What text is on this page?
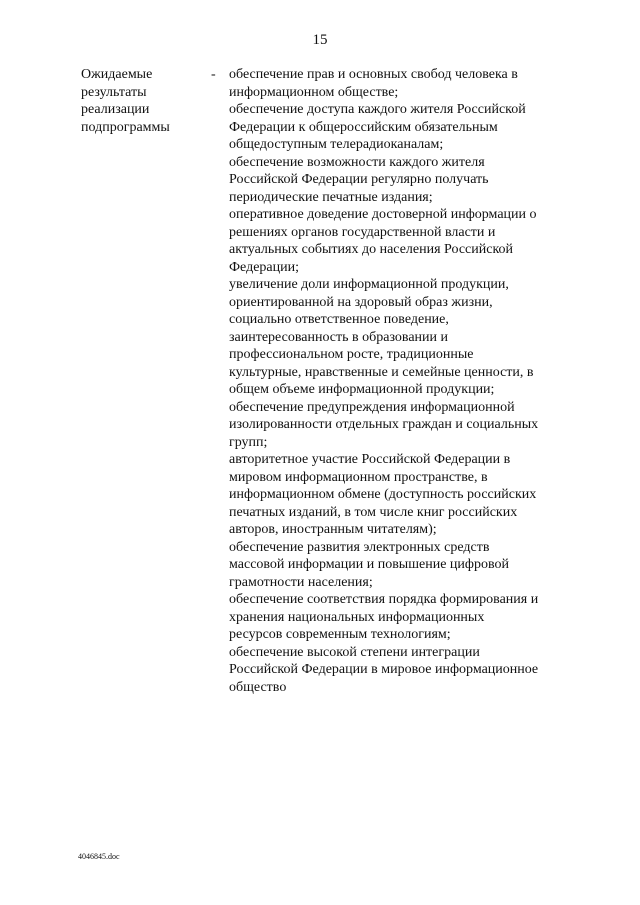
15
Ожидаемые
результаты
реализации
подпрограммы
- обеспечение прав и основных свобод человека в
информационном обществе;
обеспечение доступа каждого жителя Российской
Федерации к общероссийским обязательным
общедоступным телерадиоканалам;
обеспечение возможности каждого жителя
Российской Федерации регулярно получать
периодические печатные издания;
оперативное доведение достоверной информации о
решениях органов государственной власти и
актуальных событиях до населения Российской
Федерации;
увеличение доли информационной продукции,
ориентированной на здоровый образ жизни,
социально ответственное поведение,
заинтересованность в образовании и
профессиональном росте, традиционные
культурные, нравственные и семейные ценности, в
общем объеме информационной продукции;
обеспечение предупреждения информационной
изолированности отдельных граждан и социальных
групп;
авторитетное участие Российской Федерации в
мировом информационном пространстве, в
информационном обмене (доступность российских
печатных изданий, в том числе книг российских
авторов, иностранным читателям);
обеспечение развития электронных средств
массовой информации и повышение цифровой
грамотности населения;
обеспечение соответствия порядка формирования и
хранения национальных информационных
ресурсов современным технологиям;
обеспечение высокой степени интеграции
Российской Федерации в мировое информационное
общество
4046845.doc
